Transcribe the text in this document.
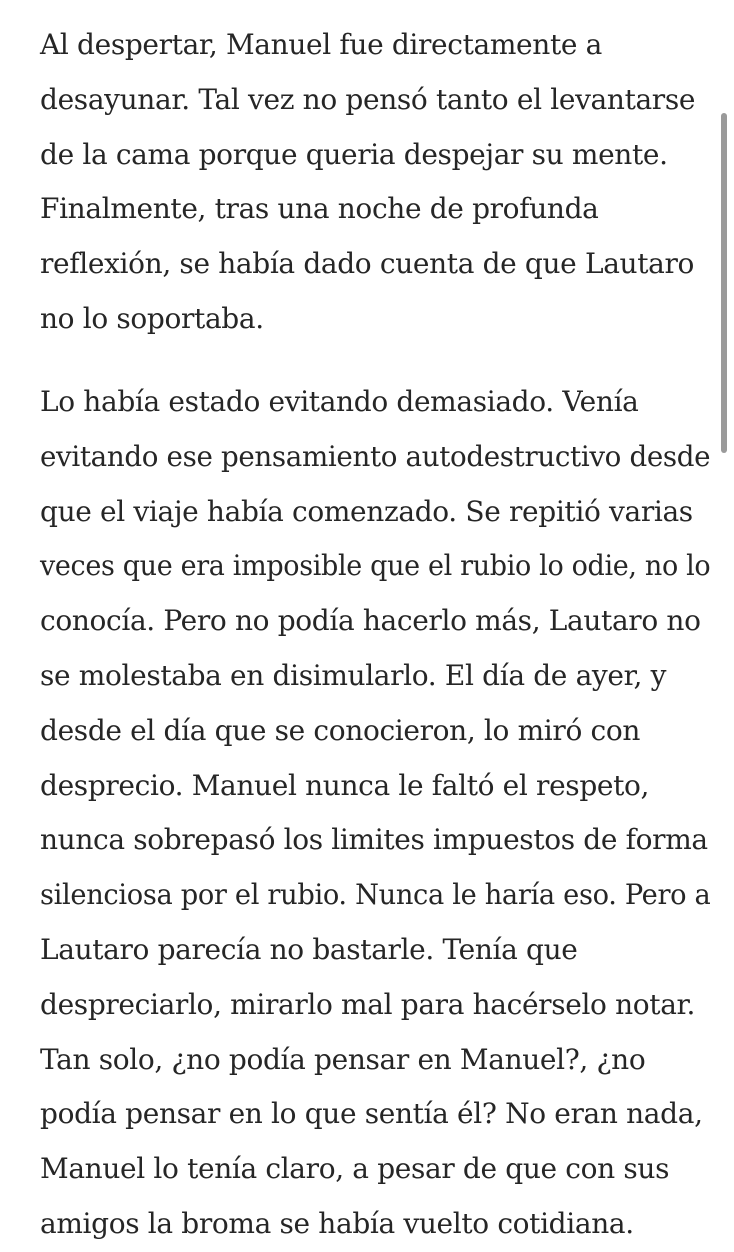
Al despertar, Manuel fue directamente a
desayunar. Tal vez no pensó tanto el levantarse
de la cama porque queria despejar su mente.
Finalmente, tras una noche de profunda
reflexión, se había dado cuenta de que Lautaro
no lo soportaba.
Lo había estado evitando demasiado. Venía
evitando ese pensamiento autodestructivo desde
que el viaje había comenzado. Se repitió varias
veces que era imposible que el rubio lo odie, no lo
conocía. Pero no podía hacerlo más, Lautaro no
se molestaba en disimularlo. El día de ayer, y
desde el día que se conocieron, lo miró con
desprecio. Manuel nunca le faltó el respeto,
nunca sobrepasó los limites impuestos de forma
silenciosa por el rubio. Nunca le haría eso. Pero a
Lautaro parecía no bastarle. Tenía que
despreciarlo, mirarlo mal para hacérselo notar.
Tan solo, ¿no podía pensar en Manuel?, ¿no
podía pensar en lo que sentía él? No eran nada,
Manuel lo tenía claro, a pesar de que con sus
amigos la broma se había vuelto cotidiana.
